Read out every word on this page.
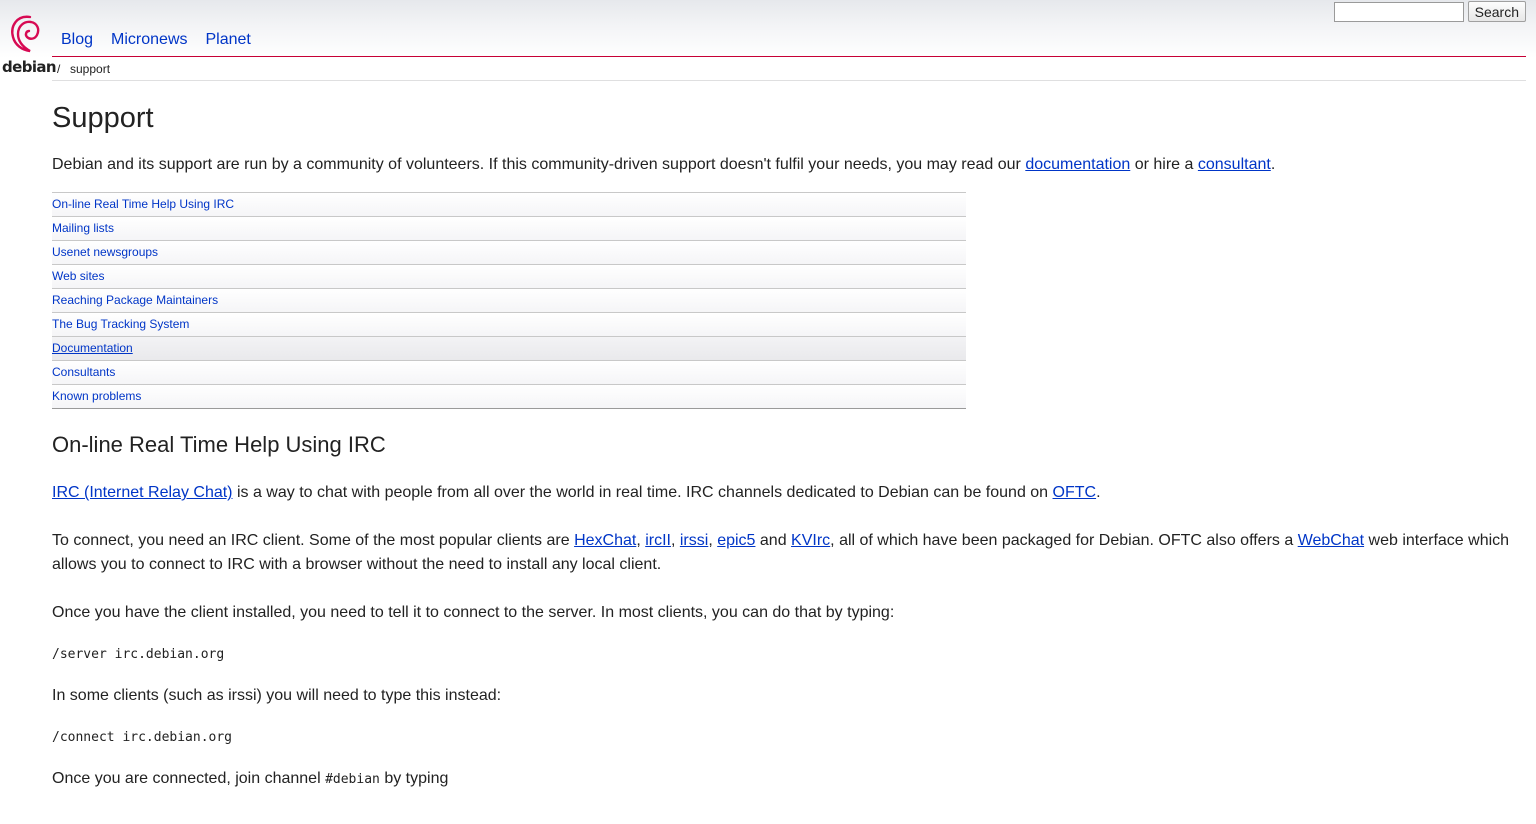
debian
Blog Micronews Planet
Search
/ support
Support

Debian and its support are run by a community of volunteers. If this community-driven support doesn't fulfil your needs, you may read our documentation or hire a consultant.

On-line Real Time Help Using IRC
Mailing lists
Usenet newsgroups
Web sites
Reaching Package Maintainers
The Bug Tracking System
Documentation
Consultants
Known problems
On-line Real Time Help Using IRC

IRC (Internet Relay Chat) is a way to chat with people from all over the world in real time. IRC channels dedicated to Debian can be found on OFTC.

To connect, you need an IRC client. Some of the most popular clients are HexChat, ircII, irssi, epic5 and KVIrc, all of which have been packaged for Debian. OFTC also offers a WebChat web interface which allows you to connect to IRC with a browser without the need to install any local client.

Once you have the client installed, you need to tell it to connect to the server. In most clients, you can do that by typing:

/server irc.debian.org

In some clients (such as irssi) you will need to type this instead:

/connect irc.debian.org

Once you are connected, join channel #debian by typing
